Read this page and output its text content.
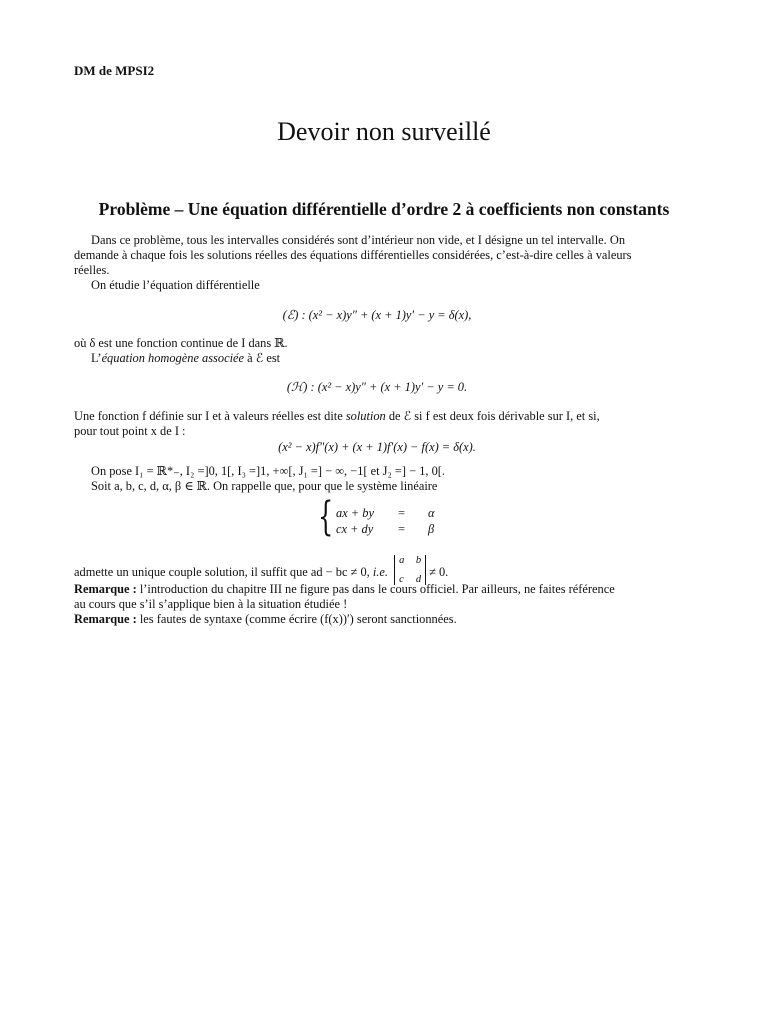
DM de MPSI2
Devoir non surveillé
Problème – Une équation différentielle d’ordre 2 à coefficients non constants
Dans ce problème, tous les intervalles considérés sont d’intérieur non vide, et I désigne un tel intervalle. On
demande à chaque fois les solutions réelles des équations différentielles considérées, c’est-à-dire celles à valeurs
réelles.
On étudie l’équation différentielle
(ℰ) : (x² − x)y″ + (x + 1)y′ − y = δ(x),
où δ est une fonction continue de I dans ℝ.
L’équation homogène associée à ℰ est
(ℋ) : (x² − x)y″ + (x + 1)y′ − y = 0.
Une fonction f définie sur I et à valeurs réelles est dite solution de ℰ si f est deux fois dérivable sur I, et si,
pour tout point x de I :
(x² − x)f″(x) + (x + 1)f′(x) − f(x) = δ(x).
On pose I₁ = ℝ*₋, I₂ =]0, 1[, I₃ =]1, +∞[, J₁ =] − ∞, −1[ et J₂ =] − 1, 0[.
Soit a, b, c, d, α, β ∈ ℝ. On rappelle que, pour que le système linéaire
{ ax + by = α
cx + dy = β
admette un unique couple solution, il suffit que ad − bc ≠ 0, i.e.
a b
c d
≠ 0.
Remarque : l’introduction du chapitre III ne figure pas dans le cours officiel. Par ailleurs, ne faites référence
au cours que s’il s’applique bien à la situation étudiée !
Remarque : les fautes de syntaxe (comme écrire (f(x))′) seront sanctionnées.
